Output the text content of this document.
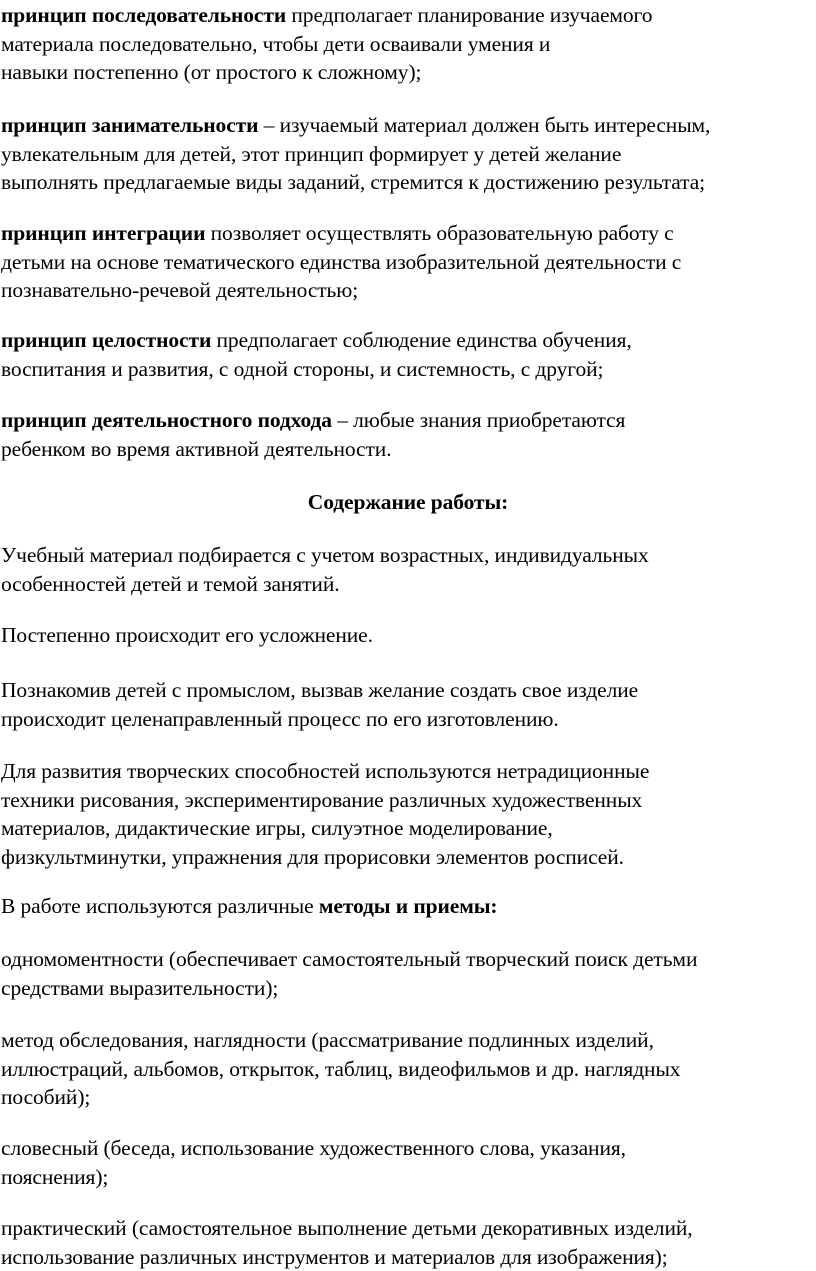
принцип последовательности предполагает планирование изучаемого
материала последовательно, чтобы дети осваивали умения и
навыки постепенно (от простого к сложному);
принцип занимательности – изучаемый материал должен быть интересным,
увлекательным для детей, этот принцип формирует у детей желание
выполнять предлагаемые виды заданий, стремится к достижению результата;
принцип интеграции позволяет осуществлять образовательную работу с
детьми на основе тематического единства изобразительной деятельности с
познавательно-речевой деятельностью;
принцип целостности предполагает соблюдение единства обучения,
воспитания и развития, с одной стороны, и системность, с другой;
принцип деятельностного подхода – любые знания приобретаются
ребенком во время активной деятельности.
Содержание работы:
Учебный материал подбирается с учетом возрастных, индивидуальных
особенностей детей и темой занятий.
Постепенно происходит его усложнение.
Познакомив детей с промыслом, вызвав желание создать свое изделие
происходит целенаправленный процесс по его изготовлению.
Для развития творческих способностей используются нетрадиционные
техники рисования, экспериментирование различных художественных
материалов, дидактические игры, силуэтное моделирование,
физкультминутки, упражнения для прорисовки элементов росписей.
В работе используются различные методы и приемы:
одномоментности (обеспечивает самостоятельный творческий поиск детьми
средствами выразительности);
метод обследования, наглядности (рассматривание подлинных изделий,
иллюстраций, альбомов, открыток, таблиц, видеофильмов и др. наглядных
пособий);
словесный (беседа, использование художественного слова, указания,
пояснения);
практический (самостоятельное выполнение детьми декоративных изделий,
использование различных инструментов и материалов для изображения);
